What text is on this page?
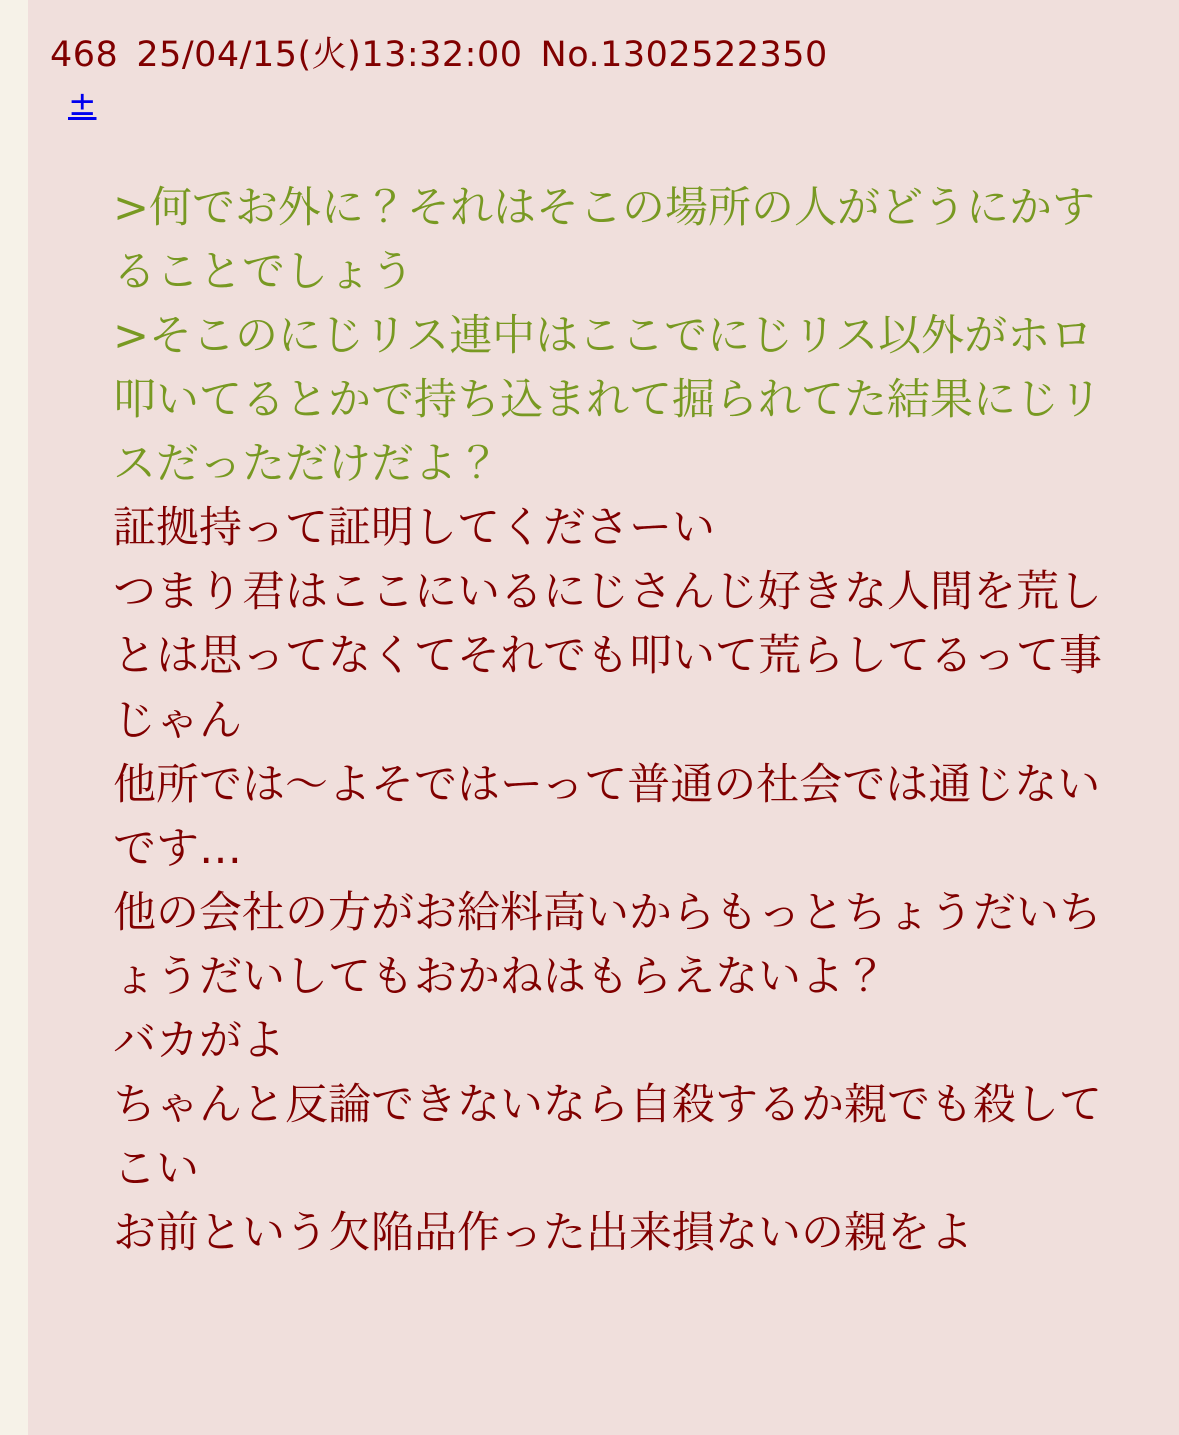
468 25/04/15(火)13:32:00 No.1302522350
±
>何でお外に？それはそこの場所の人がどうにかすることでしょう
>そこのにじリス連中はここでにじリス以外がホロ叩いてるとかで持ち込まれて掘られてた結果にじリスだっただけだよ？
証拠持って証明してくださーい
つまり君はここにいるにじさんじ好きな人間を荒しとは思ってなくてそれでも叩いて荒らしてるって事じゃん
他所では〜よそではーって普通の社会では通じないです…
他の会社の方がお給料高いからもっとちょうだいちょうだいしてもおかねはもらえないよ？
バカがよ
ちゃんと反論できないなら自殺するか親でも殺してこい
お前という欠陥品作った出来損ないの親をよ
